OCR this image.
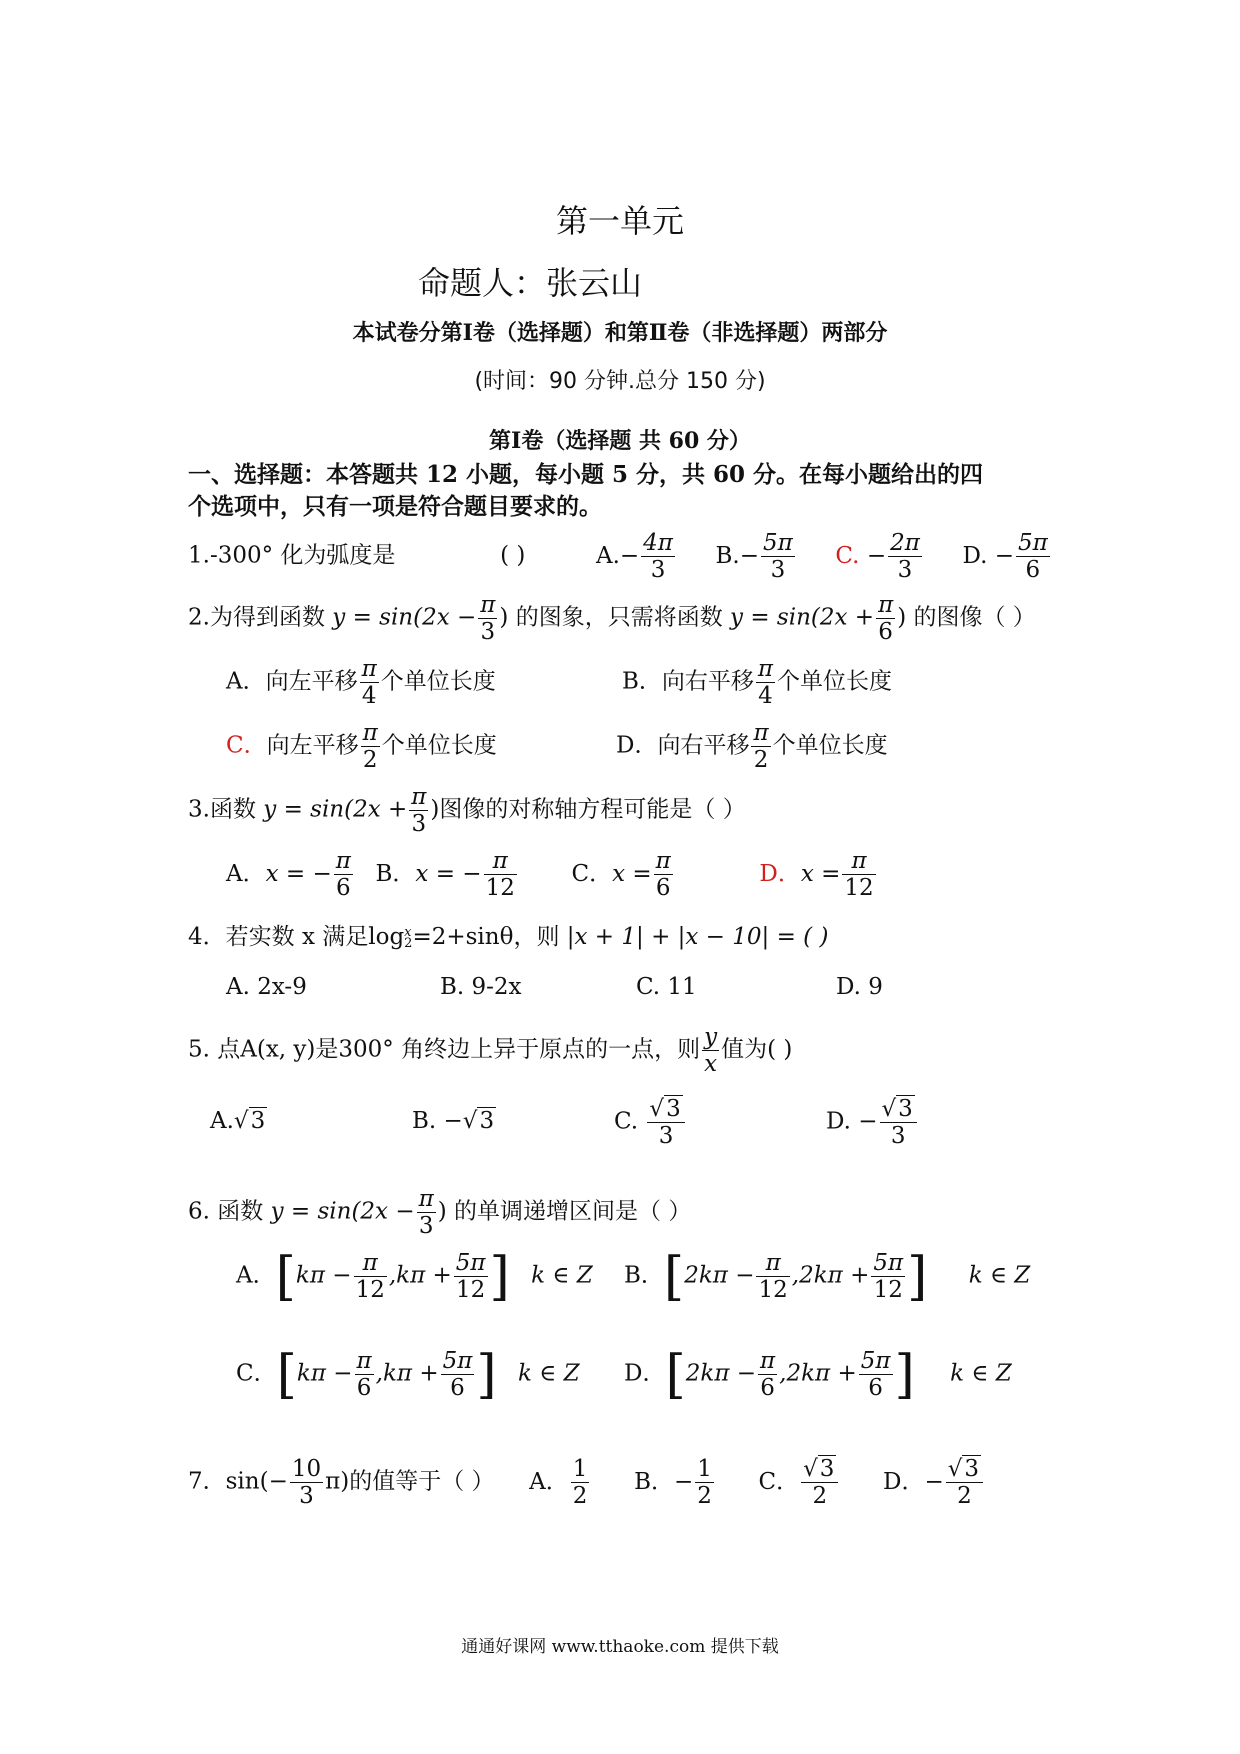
第一单元
命题人：张云山
本试卷分第Ⅰ卷（选择题）和第Ⅱ卷（非选择题）两部分
(时间：90 分钟.总分 150 分)
第Ⅰ卷（选择题 共 60 分）
一、选择题：本答题共 12 小题，每小题 5 分，共 60 分。在每小题给出的四
个选项中，只有一项是符合题目要求的。
1.-300° 化为弧度是	( )	$A.- \frac{4\pi}{3} B.- \frac{5\pi}{3} C$. − $\frac{2\pi}{3} D$. − $\frac{5\pi}{6}$
2.为得到函数 $y = \sin(2x - \frac{\pi}{3}$ ) 的图象，只需将函数 $y = \sin(2x + \frac{\pi}{6}$ ) 的图像（ ）
A．向左平移 $\frac{\pi}{4}$ 个单位长度	B．向右平移 $\frac{\pi}{4}$ 个单位长度
C．向左平移 $\frac{\pi}{2}$ 个单位长度	D．向右平移 $\frac{\pi}{2}$ 个单位长度
3.函数 $y = \sin(2x + \frac{\pi}{3}$ )图像的对称轴方程可能是（ ）
A．x = − $\frac{\pi}{6}$ B．x = − $\frac{\pi}{12}$ C．$x = \frac{\pi}{6}$	D．$x = \frac{\pi}{12}$
4．若实数 x 满足log x
2 =2+sinθ，则 |x + 1| + |x − 10| = ( )
A. 2x-9	B. 9-2x	C. 11	D. 9
5. 点A(x, y)是300° 角终边上异于原点的一点，则 $\frac{y}{x}$ 值为( )
A.√3	B. −√3	C. $\frac{√3}{3}$	D. − $\frac{√3}{3}$
6. 函数 $y = \sin(2x - \frac{\pi}{3}$ ) 的单调递增区间是（ ）
A．[$k\pi - \frac{\pi}{12} ,k\pi + \frac{5\pi}{12}$ ] k ∈ Z B．[$2k\pi - \frac{\pi}{12} ,2k\pi + \frac{5\pi}{12}$ ] k ∈ Z
C．[$k\pi - \frac{\pi}{6} ,k\pi + \frac{5\pi}{6}$ ] k ∈ Z D．[$2k\pi - \frac{\pi}{6} ,2k\pi + \frac{5\pi}{6}$ ] k ∈ Z
7．$\sin(- \frac{10}{3} \pi)$的值等于（ ） A． $\frac{1}{2}$ B．− $\frac{1}{2}$ C． $\frac{√3}{2}$ D．− $\frac{√3}{2}$
通通好课网 www.tthaoke.com 提供下载
